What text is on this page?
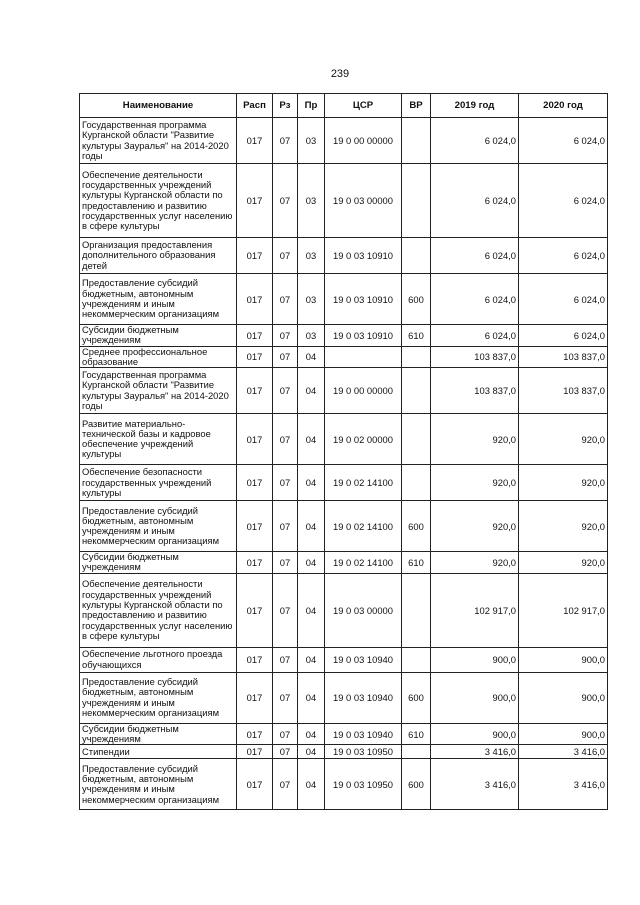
239
Наименование	Расп	Рз	Пр	ЦСР	ВР	2019 год	2020 год
Государственная программа Курганской области "Развитие культуры Зауралья" на 2014-2020 годы	017	07	03	19 0 00 00000		6 024,0	6 024,0
Обеспечение деятельности государственных учреждений культуры Курганской области по предоставлению и развитию государственных услуг населению в сфере культуры	017	07	03	19 0 03 00000		6 024,0	6 024,0
Организация предоставления дополнительного образования детей	017	07	03	19 0 03 10910		6 024,0	6 024,0
Предоставление субсидий бюджетным, автономным учреждениям и иным некоммерческим организациям	017	07	03	19 0 03 10910	600	6 024,0	6 024,0
Субсидии бюджетным учреждениям	017	07	03	19 0 03 10910	610	6 024,0	6 024,0
Среднее профессиональное образование	017	07	04			103 837,0	103 837,0
Государственная программа Курганской области "Развитие культуры Зауралья" на 2014-2020 годы	017	07	04	19 0 00 00000		103 837,0	103 837,0
Развитие материально-технической базы и кадровое обеспечение учреждений культуры	017	07	04	19 0 02 00000		920,0	920,0
Обеспечение безопасности государственных учреждений культуры	017	07	04	19 0 02 14100		920,0	920,0
Предоставление субсидий бюджетным, автономным учреждениям и иным некоммерческим организациям	017	07	04	19 0 02 14100	600	920,0	920,0
Субсидии бюджетным учреждениям	017	07	04	19 0 02 14100	610	920,0	920,0
Обеспечение деятельности государственных учреждений культуры Курганской области по предоставлению и развитию государственных услуг населению в сфере культуры	017	07	04	19 0 03 00000		102 917,0	102 917,0
Обеспечение льготного проезда обучающихся	017	07	04	19 0 03 10940		900,0	900,0
Предоставление субсидий бюджетным, автономным учреждениям и иным некоммерческим организациям	017	07	04	19 0 03 10940	600	900,0	900,0
Субсидии бюджетным учреждениям	017	07	04	19 0 03 10940	610	900,0	900,0
Стипендии	017	07	04	19 0 03 10950		3 416,0	3 416,0
Предоставление субсидий бюджетным, автономным учреждениям и иным некоммерческим организациям	017	07	04	19 0 03 10950	600	3 416,0	3 416,0
